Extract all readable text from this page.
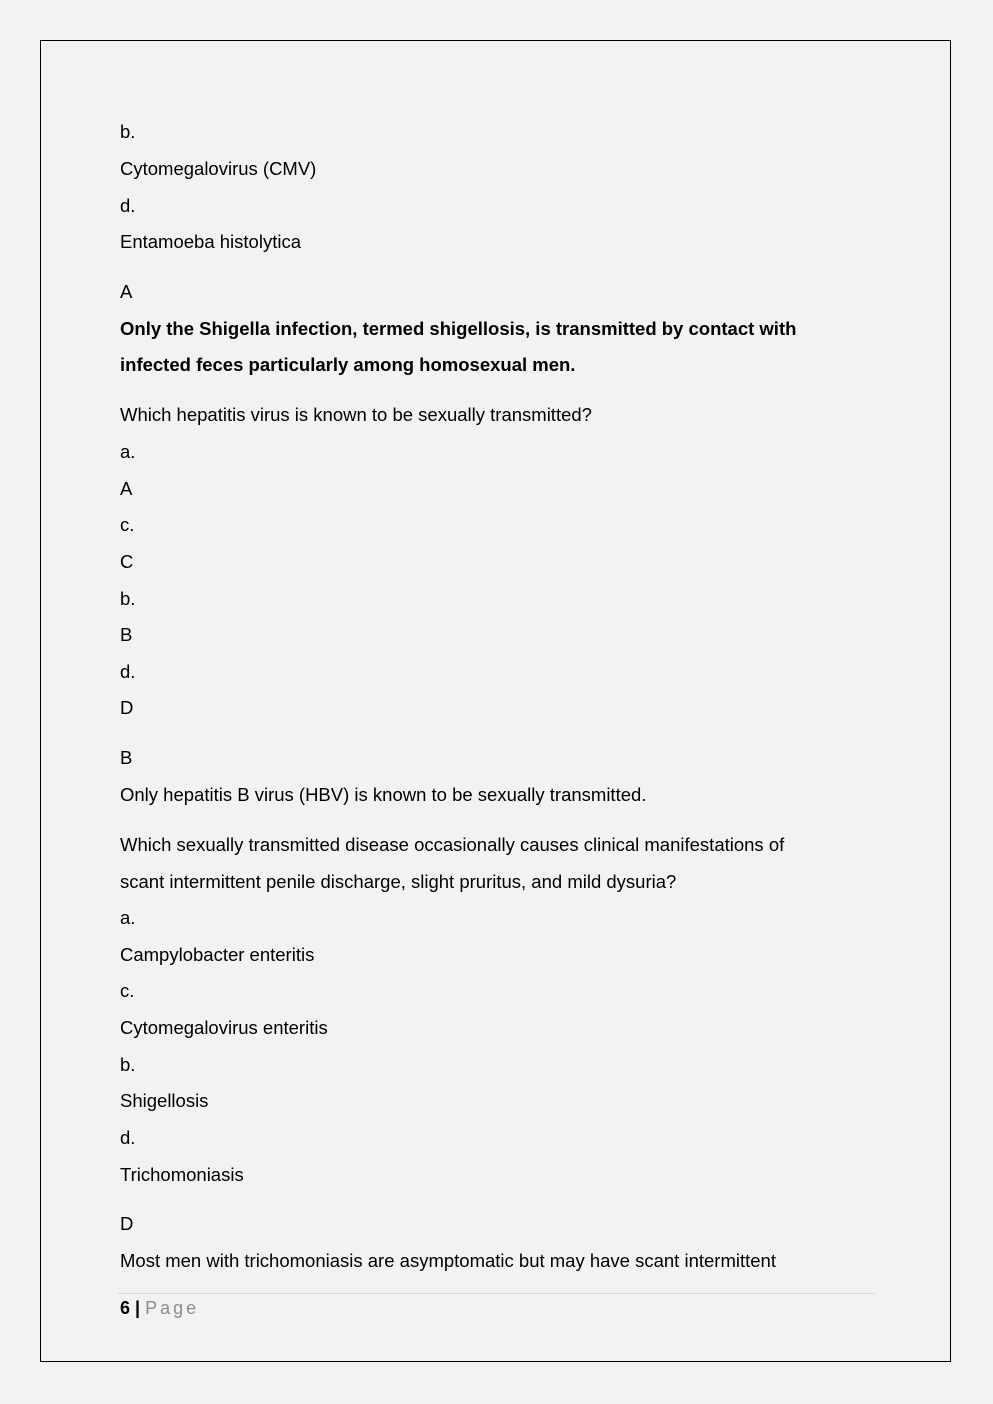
b.
Cytomegalovirus (CMV)
d.
Entamoeba histolytica
A
Only the Shigella infection, termed shigellosis, is transmitted by contact with
infected feces particularly among homosexual men.
Which hepatitis virus is known to be sexually transmitted?
a.
A
c.
C
b.
B
d.
D
B
Only hepatitis B virus (HBV) is known to be sexually transmitted.
Which sexually transmitted disease occasionally causes clinical manifestations of
scant intermittent penile discharge, slight pruritus, and mild dysuria?
a.
Campylobacter enteritis
c.
Cytomegalovirus enteritis
b.
Shigellosis
d.
Trichomoniasis
D
Most men with trichomoniasis are asymptomatic but may have scant intermittent
6 | Page
